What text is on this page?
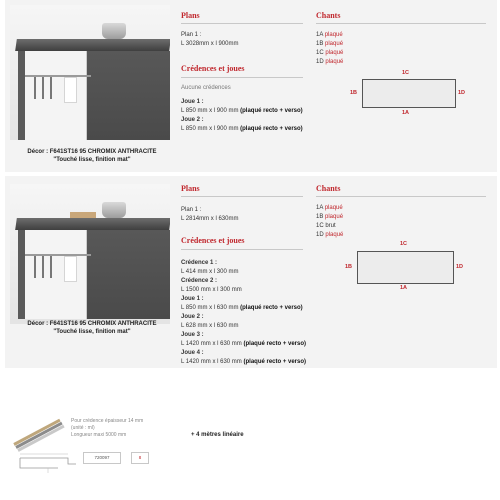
Décor : F641ST16 95 CHROMIX ANTHRACITE
"Touché lisse, finition mat"
Plans
Plan 1 :
L 3028mm x l 900mm
Crédences et joues
Aucune crédences
Joue 1 :
L 850 mm x l 900 mm (plaqué recto + verso)
Joue 2 :
L 850 mm x l 900 mm (plaqué recto + verso)
Chants
1A plaqué
1B plaqué
1C plaqué
1D plaqué
1C
1B	1D
1A
Décor : F641ST16 95 CHROMIX ANTHRACITE
"Touché lisse, finition mat"
Plans
Plan 1 :
L 2814mm x l 630mm
Crédences et joues
Crédence 1 :
L 414 mm x l 300 mm
Crédence 2 :
L 1500 mm x l 300 mm
Joue 1 :
L 850 mm x l 630 mm (plaqué recto + verso)
Joue 2 :
L 628 mm x l 630 mm
Joue 3 :
L 1420 mm x l 630 mm (plaqué recto + verso)
Joue 4 :
L 1420 mm x l 630 mm (plaqué recto + verso)
Chants
1A plaqué
1B plaqué
1C brut
1D plaqué
1C
1B	1D
1A
Pour crédence épaisseur 14 mm
(unité : ml)
Longueur maxi 5000 mm
720097	8
+ 4 mètres linéaire
